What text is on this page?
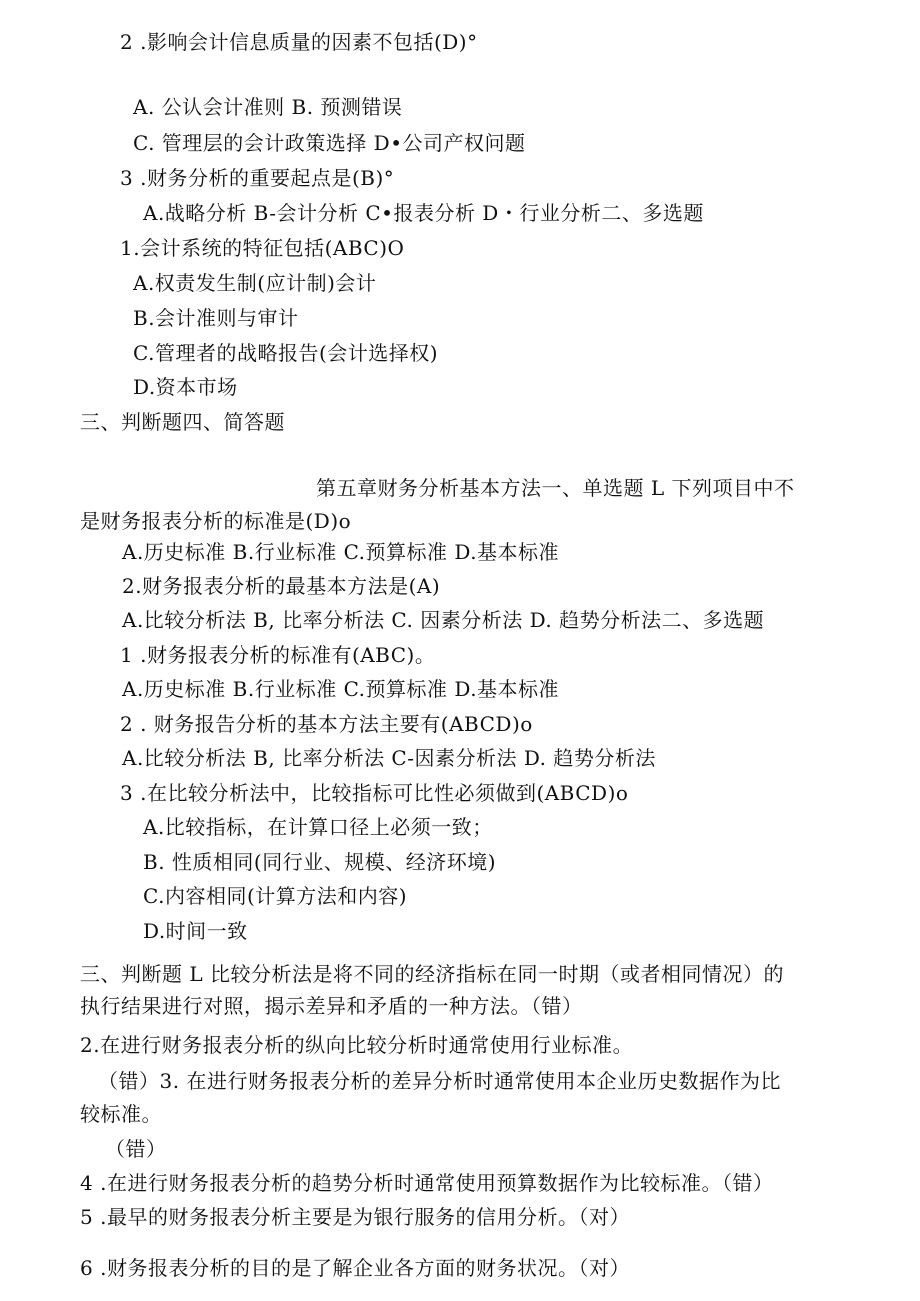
2 .影响会计信息质量的因素不包括(D)°
A. 公认会计准则 B. 预测错误
C. 管理层的会计政策选择 D•公司产权问题
3 .财务分析的重要起点是(B)°
A.战略分析 B-会计分析 C•报表分析 D・行业分析二、多选题
1.会计系统的特征包括(ABC)O
A.权责发生制(应计制)会计
B.会计准则与审计
C.管理者的战略报告(会计选择权)
D.资本市场
三、判断题四、简答题
第五章财务分析基本方法一、单选题 L 下列项目中不
是财务报表分析的标准是(D)o
A.历史标准 B.行业标准 C.预算标准 D.基本标准
2.财务报表分析的最基本方法是(A)
A.比较分析法 B, 比率分析法 C. 因素分析法 D. 趋势分析法二、多选题
1 .财务报表分析的标准有(ABC)。
A.历史标准 B.行业标准 C.预算标准 D.基本标准
2 . 财务报告分析的基本方法主要有(ABCD)o
A.比较分析法 B, 比率分析法 C-因素分析法 D. 趋势分析法
3 .在比较分析法中，比较指标可比性必须做到(ABCD)o
A.比较指标，在计算口径上必须一致；
B. 性质相同(同行业、规模、经济环境)
C.内容相同(计算方法和内容)
D.时间一致
三、判断题 L 比较分析法是将不同的经济指标在同一时期（或者相同情况）的
执行结果进行对照，揭示差异和矛盾的一种方法。（错）
2.在进行财务报表分析的纵向比较分析时通常使用行业标准。
（错）3. 在进行财务报表分析的差异分析时通常使用本企业历史数据作为比
较标准。
（错）
4 .在进行财务报表分析的趋势分析时通常使用预算数据作为比较标准。（错）
5 .最早的财务报表分析主要是为银行服务的信用分析。（对）
6 .财务报表分析的目的是了解企业各方面的财务状况。（对）
